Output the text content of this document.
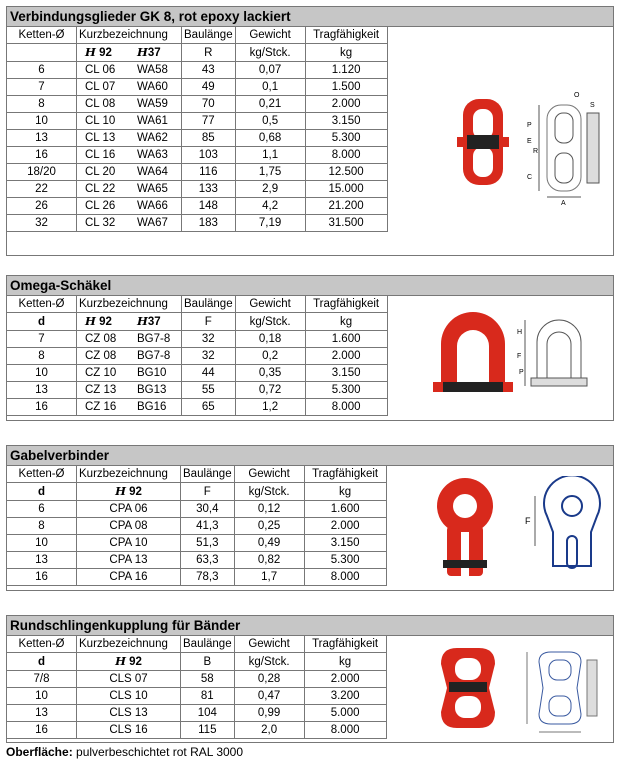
Verbindungsglieder GK 8, rot epoxy lackiert
Ketten-Ø	Kurzbezeichnung	Baulänge	Gewicht	Tragfähigkeit

	H 92 H37	R	kg/Stck.	kg
6	CL 06 WA58	43	0,07	1.120
7	CL 07 WA60	49	0,1	1.500
8	CL 08 WA59	70	0,21	2.000
10	CL 10 WA61	77	0,5	3.150
13	CL 13 WA62	85	0,68	5.300
16	CL 16 WA63	103	1,1	8.000
18/20	CL 20 WA64	116	1,75	12.500
22	CL 22 WA65	133	2,9	15.000
26	CL 26 WA66	148	4,2	21.200
32	CL 32 WA67	183	7,19	31.500
O
S
P
E
R
C
A
Omega-Schäkel
Ketten-Ø	Kurzbezeichnung	Baulänge	Gewicht	Tragfähigkeit
d	H 92 H37	F	kg/Stck.	kg
7	CZ 08 BG7-8	32	0,18	1.600
8	CZ 08 BG7-8	32	0,2	2.000
10	CZ 10 BG10	44	0,35	3.150
13	CZ 13 BG13	55	0,72	5.300
16	CZ 16 BG16	65	1,2	8.000
H
F
P
Gabelverbinder
Ketten-Ø	Kurzbezeichnung	Baulänge	Gewicht	Tragfähigkeit
d	H 92	F	kg/Stck.	kg
6	CPA 06	30,4	0,12	1.600
8	CPA 08	41,3	0,25	2.000
10	CPA 10	51,3	0,49	3.150
13	CPA 13	63,3	0,82	5.300
16	CPA 16	78,3	1,7	8.000
F
Rundschlingenkupplung für Bänder
Ketten-Ø	Kurzbezeichnung	Baulänge	Gewicht	Tragfähigkeit
d	H 92	B	kg/Stck.	kg
7/8	CLS 07	58	0,28	2.000
10	CLS 10	81	0,47	3.200
13	CLS 13	104	0,99	5.000
16	CLS 16	115	2,0	8.000
Oberfläche: pulverbeschichtet rot RAL 3000
